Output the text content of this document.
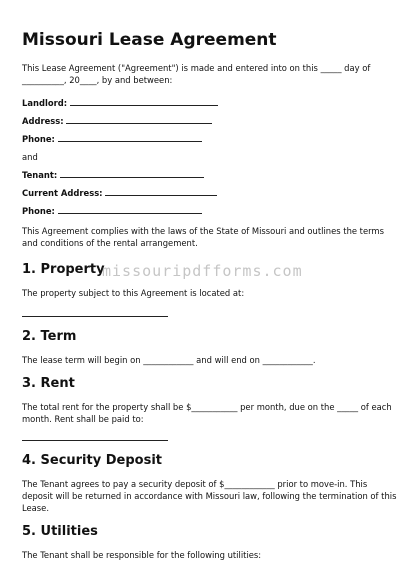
Missouri Lease Agreement

This Lease Agreement ("Agreement") is made and entered into on this _____ day of __________, 20____, by and between:

Landlord:
Address:
Phone:
and
Tenant:
Current Address:
Phone:

This Agreement complies with the laws of the State of Missouri and outlines the terms and conditions of the rental arrangement.

1. Property

The property subject to this Agreement is located at:

2. Term

The lease term will begin on ____________ and will end on ____________.

3. Rent

The total rent for the property shall be $___________ per month, due on the _____ of each month. Rent shall be paid to:

4. Security Deposit

The Tenant agrees to pay a security deposit of $____________ prior to move-in. This deposit will be returned in accordance with Missouri law, following the termination of this Lease.

5. Utilities

The Tenant shall be responsible for the following utilities:

missouripdfforms.com
